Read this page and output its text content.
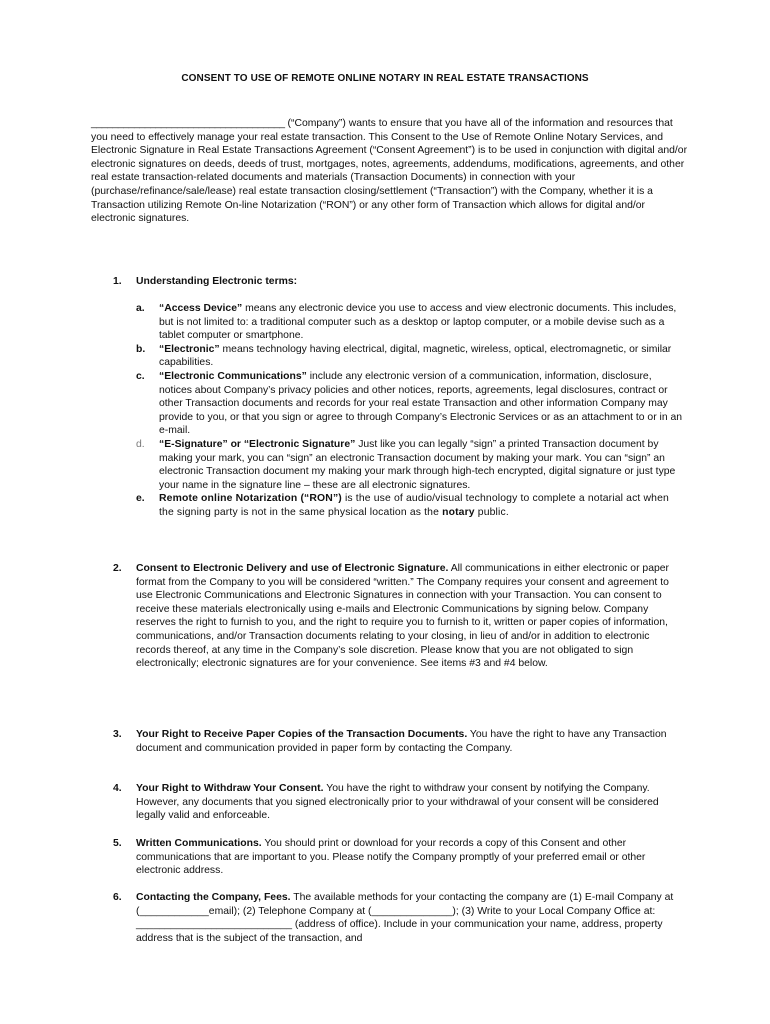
CONSENT TO USE OF REMOTE ONLINE NOTARY IN REAL ESTATE TRANSACTIONS
____________________________________ (“Company”) wants to ensure that you have all of the information and resources that you need to effectively manage your real estate transaction. This Consent to the Use of Remote Online Notary Services, and Electronic Signature in Real Estate Transactions Agreement (“Consent Agreement”) is to be used in conjunction with digital and/or electronic signatures on deeds, deeds of trust, mortgages, notes, agreements, addendums, modifications, agreements, and other real estate transaction-related documents and materials (Transaction Documents) in connection with your (purchase/refinance/sale/lease) real estate transaction closing/settlement (“Transaction”) with the Company, whether it is a Transaction utilizing Remote On-line Notarization (“RON”) or any other form of Transaction which allows for digital and/or electronic signatures.
1. Understanding Electronic terms:
a. “Access Device” means any electronic device you use to access and view electronic documents. This includes, but is not limited to: a traditional computer such as a desktop or laptop computer, or a mobile devise such as a tablet computer or smartphone.
b. “Electronic” means technology having electrical, digital, magnetic, wireless, optical, electromagnetic, or similar capabilities.
c. “Electronic Communications” include any electronic version of a communication, information, disclosure, notices about Company’s privacy policies and other notices, reports, agreements, legal disclosures, contract or other Transaction documents and records for your real estate Transaction and other information Company may provide to you, or that you sign or agree to through Company’s Electronic Services or as an attachment to or in an e-mail.
d. “E-Signature” or “Electronic Signature” Just like you can legally “sign” a printed Transaction document by making your mark, you can “sign” an electronic Transaction document by making your mark. You can “sign” an electronic Transaction document my making your mark through high-tech encrypted, digital signature or just type your name in the signature line – these are all electronic signatures.
e. Remote online Notarization (“RON”) is the use of audio/visual technology to complete a notarial act when the signing party is not in the same physical location as the notary public.
2. Consent to Electronic Delivery and use of Electronic Signature. All communications in either electronic or paper format from the Company to you will be considered “written.” The Company requires your consent and agreement to use Electronic Communications and Electronic Signatures in connection with your Transaction. You can consent to receive these materials electronically using e-mails and Electronic Communications by signing below. Company reserves the right to furnish to you, and the right to require you to furnish to it, written or paper copies of information, communications, and/or Transaction documents relating to your closing, in lieu of and/or in addition to electronic records thereof, at any time in the Company’s sole discretion. Please know that you are not obligated to sign electronically; electronic signatures are for your convenience. See items #3 and #4 below.
3. Your Right to Receive Paper Copies of the Transaction Documents. You have the right to have any Transaction document and communication provided in paper form by contacting the Company.
4. Your Right to Withdraw Your Consent. You have the right to withdraw your consent by notifying the Company. However, any documents that you signed electronically prior to your withdrawal of your consent will be considered legally valid and enforceable.
5. Written Communications. You should print or download for your records a copy of this Consent and other communications that are important to you. Please notify the Company promptly of your preferred email or other electronic address.
6. Contacting the Company, Fees. The available methods for your contacting the company are (1) E-mail Company at (____________email); (2) Telephone Company at (______________); (3) Write to your Local Company Office at: ___________________________ (address of office). Include in your communication your name, address, property address that is the subject of the transaction, and
